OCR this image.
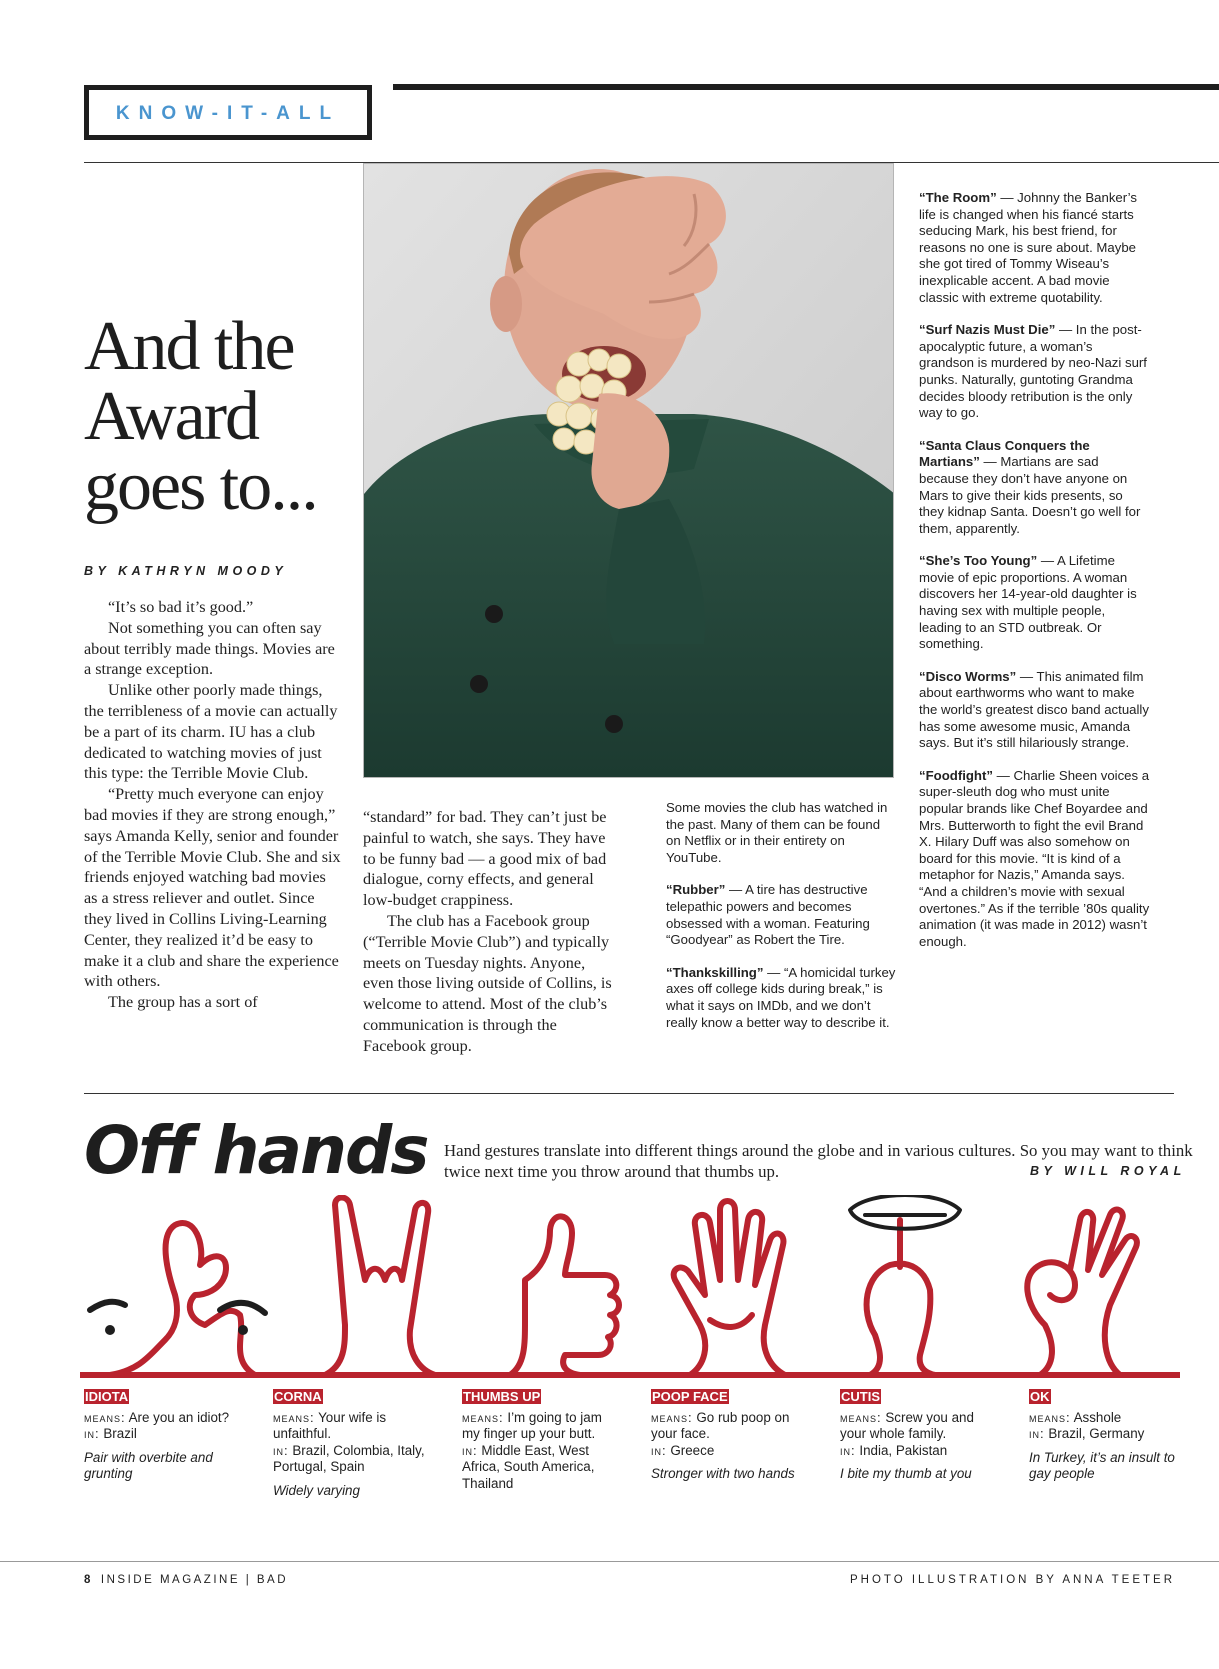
KNOW-IT-ALL
And the
Award
goes to...
BY KATHRYN MOODY

“It’s so bad it’s good.”

Not something you can often say about terribly made things. Movies are a strange exception.

Unlike other poorly made things, the terribleness of a movie can actually be a part of its charm. IU has a club dedicated to watching movies of just this type: the Terrible Movie Club.

“Pretty much everyone can enjoy bad movies if they are strong enough,” says Amanda Kelly, senior and founder of the Terrible Movie Club. She and six friends enjoyed watching bad movies as a stress reliever and outlet. Since they lived in Collins Living-Learning Center, they realized it’d be easy to make it a club and share the experience with others.

The group has a sort of

“standard” for bad. They can’t just be painful to watch, she says. They have to be funny bad — a good mix of bad dialogue, corny effects, and general low-budget crappiness.

The club has a Facebook group (“Terrible Movie Club”) and typically meets on Tuesday nights. Anyone, even those living outside of Collins, is welcome to attend. Most of the club’s communication is through the Facebook group.

Some movies the club has watched in the past. Many of them can be found on Netflix or in their entirety on YouTube.

“Rubber” — A tire has destructive telepathic powers and becomes obsessed with a woman. Featuring “Goodyear” as Robert the Tire.

“Thankskilling” — “A homicidal turkey axes off college kids during break,” is what it says on IMDb, and we don’t really know a better way to describe it.

“The Room” — Johnny the Banker’s life is changed when his fiancé starts seducing Mark, his best friend, for reasons no one is sure about. Maybe she got tired of Tommy Wiseau’s inexplicable accent. A bad movie classic with extreme quotability.

“Surf Nazis Must Die” — In the post-apocalyptic future, a woman’s grandson is murdered by neo-Nazi surf punks. Naturally, guntoting Grandma decides bloody retribution is the only way to go.

“Santa Claus Conquers the Martians” — Martians are sad because they don’t have anyone on Mars to give their kids presents, so they kidnap Santa. Doesn’t go well for them, apparently.

“She’s Too Young” — A Lifetime movie of epic proportions. A woman discovers her 14-year-old daughter is having sex with multiple people, leading to an STD outbreak. Or something.

“Disco Worms” — This animated film about earthworms who want to make the world’s greatest disco band actually has some awesome music, Amanda says. But it’s still hilariously strange.

“Foodfight” — Charlie Sheen voices a super-sleuth dog who must unite popular brands like Chef Boyardee and Mrs. Butterworth to fight the evil Brand X. Hilary Duff was also somehow on board for this movie. “It is kind of a metaphor for Nazis,” Amanda says. “And a children’s movie with sexual overtones.” As if the terrible ’80s quality animation (it was made in 2012) wasn’t enough.

Off hands Hand gestures translate into different things around the globe and in various cultures. So you may want to think twice next time you throw around that thumbs up.	BY WILL ROYAL
IDIOTA
means: Are you an idiot?
in: Brazil
Pair with overbite and grunting
CORNA
means: Your wife is unfaithful.
in: Brazil, Colombia, Italy, Portugal, Spain
Widely varying
THUMBS UP
means: I’m going to jam my finger up your butt.
in: Middle East, West Africa, South America, Thailand
POOP FACE
means: Go rub poop on your face.
in: Greece
Stronger with two hands
CUTIS
means: Screw you and your whole family.
in: India, Pakistan
I bite my thumb at you
OK
means: Asshole
in: Brazil, Germany
In Turkey, it’s an insult to gay people
8 INSIDE MAGAZINE | BAD	PHOTO ILLUSTRATION BY ANNA TEETER
